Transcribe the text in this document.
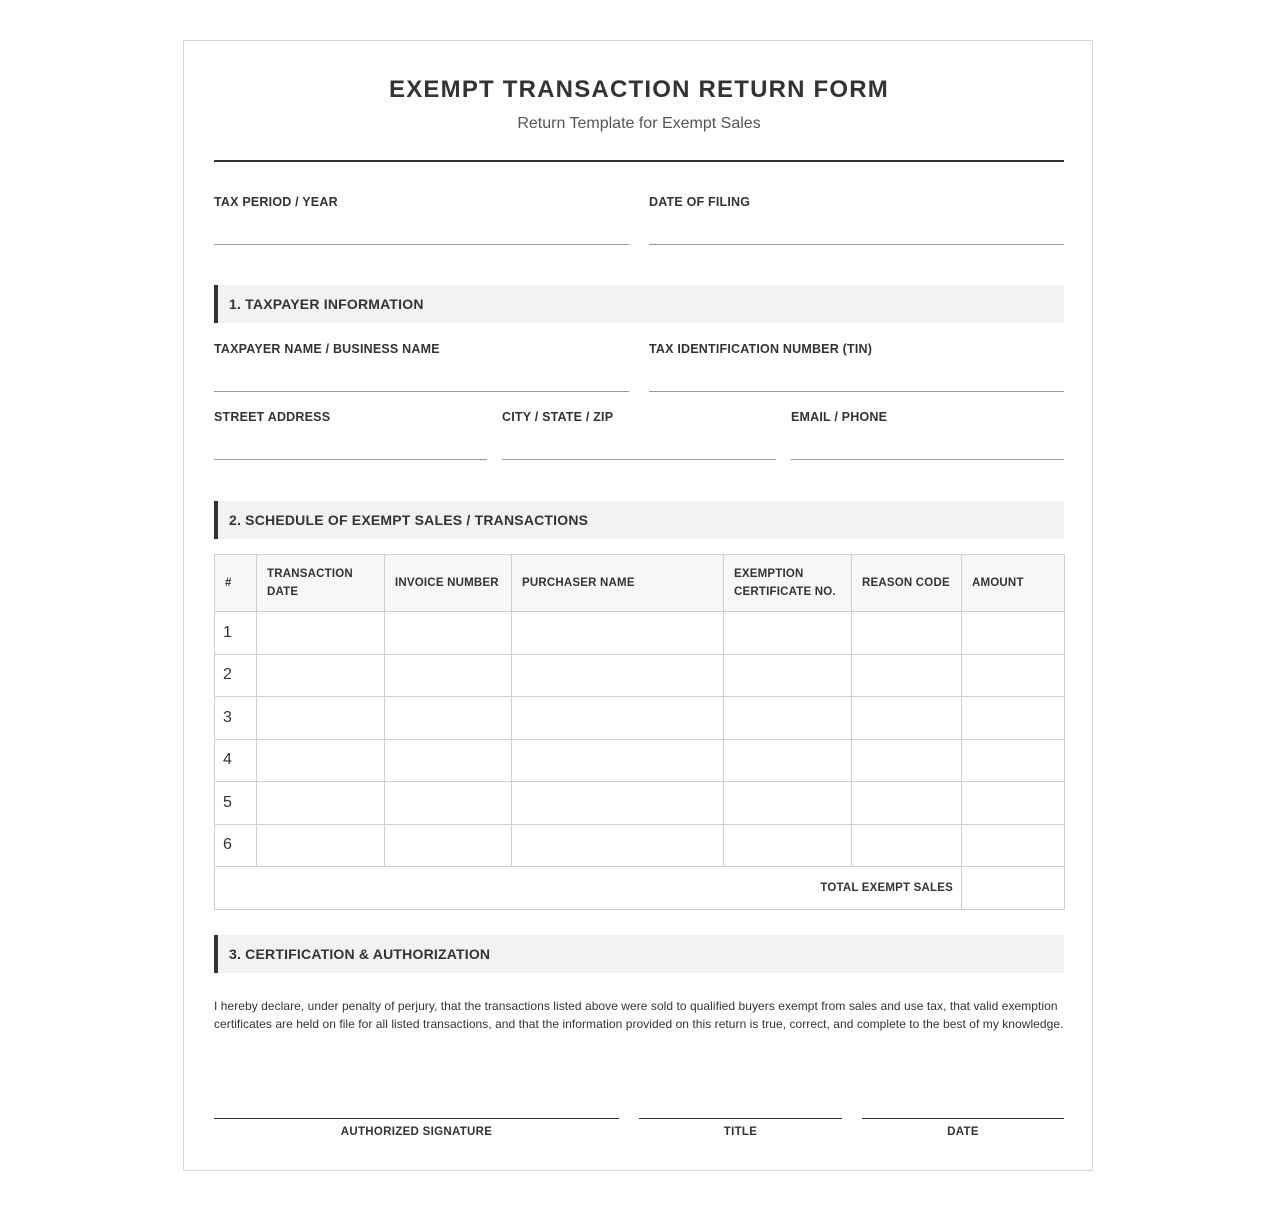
EXEMPT TRANSACTION RETURN FORM
Return Template for Exempt Sales
TAX PERIOD / YEAR	DATE OF FILING
1. TAXPAYER INFORMATION
TAXPAYER NAME / BUSINESS NAME	TAX IDENTIFICATION NUMBER (TIN)
STREET ADDRESS	CITY / STATE / ZIP	EMAIL / PHONE
2. SCHEDULE OF EXEMPT SALES / TRANSACTIONS
#	TRANSACTION DATE	INVOICE NUMBER	PURCHASER NAME	EXEMPTION CERTIFICATE NO.	REASON CODE	AMOUNT
1						
2						
3						
4						
5						
6						
TOTAL EXEMPT SALES						
3. CERTIFICATION & AUTHORIZATION
I hereby declare, under penalty of perjury, that the transactions listed above were sold to qualified buyers exempt from sales and use tax, that valid exemption certificates are held on file for all listed transactions, and that the information provided on this return is true, correct, and complete to the best of my knowledge.
AUTHORIZED SIGNATURE	TITLE	DATE
